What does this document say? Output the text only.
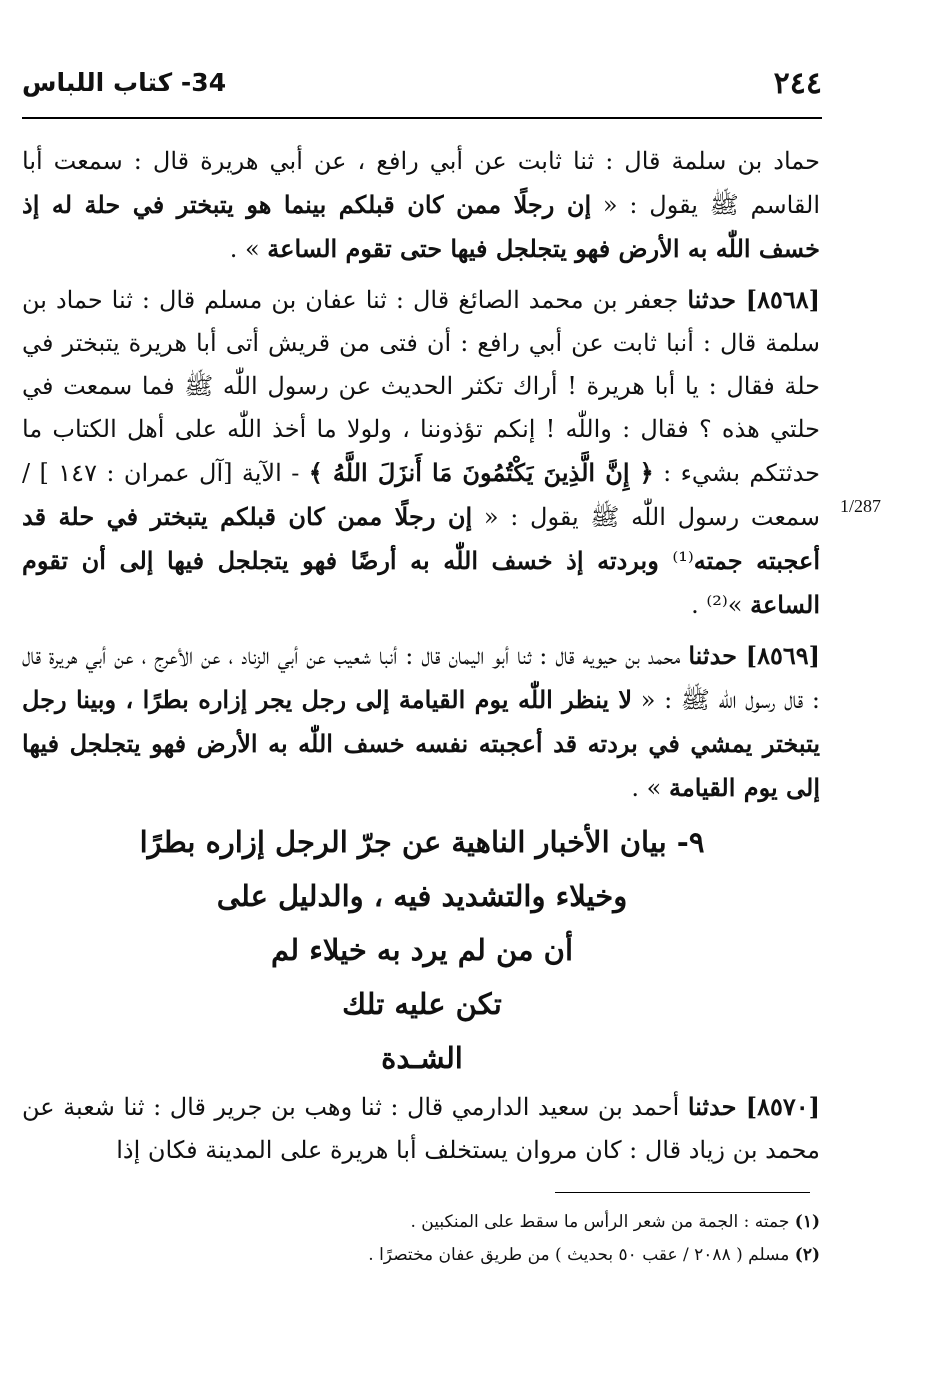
٢٤٤
34- كتاب اللباس
1/287

حماد بن سلمة قال : ثنا ثابت عن أبي رافع ، عن أبي هريرة قال : سمعت أبا القاسم ﷺ يقول : « إن رجلًا ممن كان قبلكم بينما هو يتبختر في حلة له إذ خسف اللّٰه به الأرض فهو يتجلجل فيها حتى تقوم الساعة » .

[٨٥٦٨] حدثنا جعفر بن محمد الصائغ قال : ثنا عفان بن مسلم قال : ثنا حماد بن سلمة قال : أنبا ثابت عن أبي رافع : أن فتى من قريش أتى أبا هريرة يتبختر في حلة فقال : يا أبا هريرة ! أراك تكثر الحديث عن رسول اللّٰه ﷺ فما سمعت في حلتي هذه ؟ فقال : واللّٰه ! إنكم تؤذوننا ، ولولا ما أخذ اللّٰه على أهل الكتاب ما حدثتكم بشيء : ﴿ إِنَّ الَّذِينَ يَكْتُمُونَ مَا أَنزَلَ اللَّهُ ﴾ - الآية [آل عمران : ١٤٧ ] / سمعت رسول اللّٰه ﷺ يقول : « إن رجلًا ممن كان قبلكم يتبختر في حلة قد أعجبته جمته⁽¹⁾ وبردته إذ خسف اللّٰه به أرضًا فهو يتجلجل فيها إلى أن تقوم الساعة »⁽²⁾ .

[٨٥٦٩] حدثنا محمد بن حيويه قال : ثنا أبو اليمان قال : أنبا شعيب عن أبي الزناد ، عن الأعرج ، عن أبي هريرة قال : قال رسول اللّٰه ﷺ : « لا ينظر اللّٰه يوم القيامة إلى رجل يجر إزاره بطرًا ، وبينا رجل يتبختر يمشي في بردته قد أعجبته نفسه خسف اللّٰه به الأرض فهو يتجلجل فيها إلى يوم القيامة » .

٩- بيان الأخبار الناهية عن جرّ الرجل إزاره بطرًا
وخيلاء والتشديد فيه ، والدليل على
أن من لم يرد به خيلاء لم
تكن عليه تلك
الشـدة

[٨٥٧٠] حدثنا أحمد بن سعيد الدارمي قال : ثنا وهب بن جرير قال : ثنا شعبة عن محمد بن زياد قال : كان مروان يستخلف أبا هريرة على المدينة فكان إذا

(١) جمته : الجمة من شعر الرأس ما سقط على المنكبين .
(٢) مسلم ( ٢٠٨٨ / عقب ٥٠ بحديث ) من طريق عفان مختصرًا .
